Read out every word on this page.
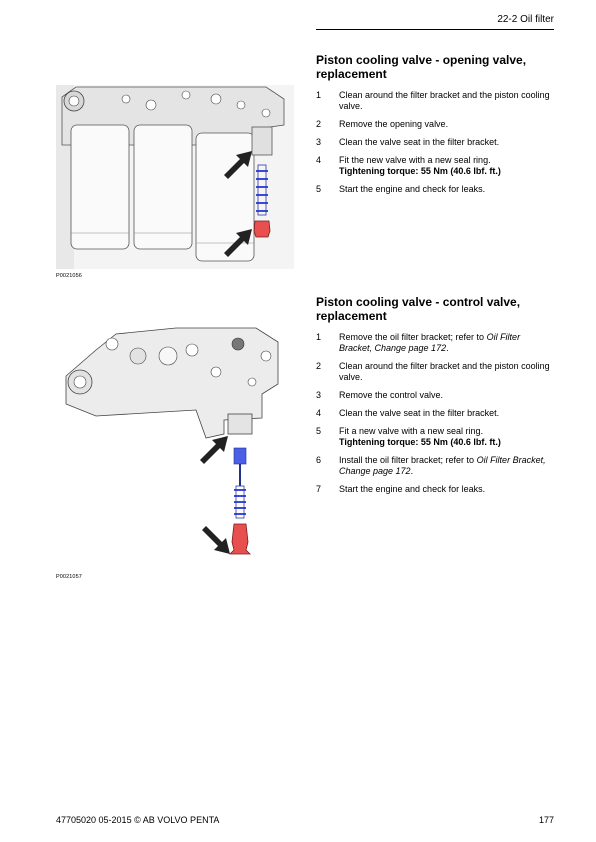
22-2 Oil filter
P0021056
P0021057
Piston cooling valve - opening valve, replacement
1 Clean around the filter bracket and the piston cooling valve.
2 Remove the opening valve.
3 Clean the valve seat in the filter bracket.
4 Fit the new valve with a new seal ring.
Tightening torque: 55 Nm (40.6 lbf. ft.)
5 Start the engine and check for leaks.
Piston cooling valve - control valve, replacement
1 Remove the oil filter bracket; refer to Oil Filter Bracket, Change page 172.
2 Clean around the filter bracket and the piston cooling valve.
3 Remove the control valve.
4 Clean the valve seat in the filter bracket.
5 Fit a new valve with a new seal ring.
Tightening torque: 55 Nm (40.6 lbf. ft.)
6 Install the oil filter bracket; refer to Oil Filter Bracket, Change page 172.
7 Start the engine and check for leaks.
47705020 05-2015 © AB VOLVO PENTA	177
